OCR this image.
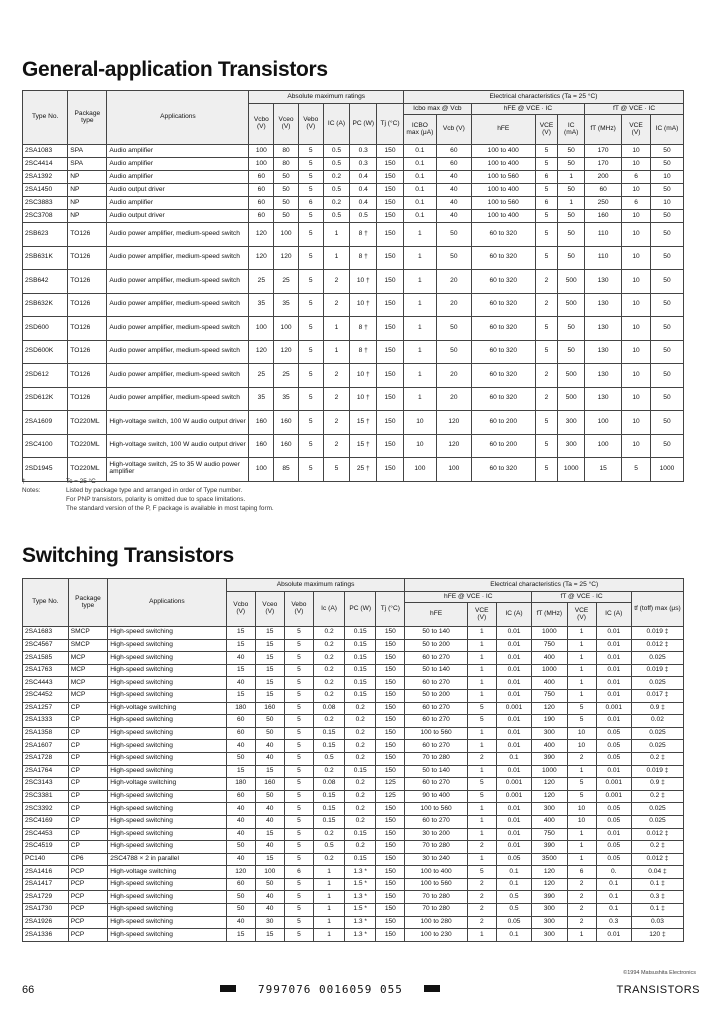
General-application Transistors
Type No.	Package type	Applications	Absolute maximum ratings						Electrical characteristics (Ta = 25 °C)							
			Vcbo (V)	Vceo (V)	Vebo (V)	IC (A)	PC (W)	Tj (°C)	Icbo max @ Vcb		hFE @ VCE · IC			fT @ VCE · IC		
									ICBO max (μA)	Vcb (V)	hFE	VCE (V)	IC (mA)	fT (MHz)	VCE (V)	IC (mA)
2SA1083	SPA	Audio amplifier	100	80	5	0.5	0.3	150	0.1	60	100 to 400	5	50	170	10	50
2SC4414	SPA	Audio amplifier	100	80	5	0.5	0.3	150	0.1	60	100 to 400	5	50	170	10	50
2SA1392	NP	Audio amplifier	60	50	5	0.2	0.4	150	0.1	40	100 to 560	6	1	200	6	10
2SA1450	NP	Audio output driver	60	50	5	0.5	0.4	150	0.1	40	100 to 400	5	50	60	10	50
2SC3883	NP	Audio amplifier	60	50	6	0.2	0.4	150	0.1	40	100 to 560	6	1	250	6	10
2SC3708	NP	Audio output driver	60	50	5	0.5	0.5	150	0.1	40	100 to 400	5	50	160	10	50
2SB623	TO126	Audio power amplifier, medium-speed switch	120	100	5	1	8 †	150	1	50	60 to 320	5	50	110	10	50
2SB631K	TO126	Audio power amplifier, medium-speed switch	120	120	5	1	8 †	150	1	50	60 to 320	5	50	110	10	50
2SB642	TO126	Audio power amplifier, medium-speed switch	25	25	5	2	10 †	150	1	20	60 to 320	2	500	130	10	50
2SB632K	TO126	Audio power amplifier, medium-speed switch	35	35	5	2	10 †	150	1	20	60 to 320	2	500	130	10	50
2SD600	TO126	Audio power amplifier, medium-speed switch	100	100	5	1	8 †	150	1	50	60 to 320	5	50	130	10	50
2SD600K	TO126	Audio power amplifier, medium-speed switch	120	120	5	1	8 †	150	1	50	60 to 320	5	50	130	10	50
2SD612	TO126	Audio power amplifier, medium-speed switch	25	25	5	2	10 †	150	1	20	60 to 320	2	500	130	10	50
2SD612K	TO126	Audio power amplifier, medium-speed switch	35	35	5	2	10 †	150	1	20	60 to 320	2	500	130	10	50
2SA1609	TO220ML	High-voltage switch, 100 W audio output driver	160	160	5	2	15 †	150	10	120	60 to 200	5	300	100	10	50
2SC4100	TO220ML	High-voltage switch, 100 W audio output driver	160	160	5	2	15 †	150	10	120	60 to 200	5	300	100	10	50
2SD1945	TO220ML	High-voltage switch, 25 to 35 W audio power amplifier	100	85	5	5	25 †	150	100	100	60 to 320	5	1000	15	5	1000
†	Tc = 25 °C
Notes:	Listed by package type and arranged in order of Type number.
For PNP transistors, polarity is omitted due to space limitations.
The standard version of the P, F package is available in most taping form.
Switching Transistors
Type No.	Package type	Applications	Absolute maximum ratings						Electrical characteristics (Ta = 25 °C)						
			Vcbo (V)	Vceo (V)	Vebo (V)	Ic (A)	PC (W)	Tj (°C)	hFE @ VCE · IC			fT @ VCE · IC			tf (toff) max (μs)
									hFE	VCE (V)	IC (A)	fT (MHz)	VCE (V)	IC (A)	
2SA1683	SMCP	High-speed switching	15	15	5	0.2	0.15	150	50 to 140	1	0.01	1000	1	0.01	0.019 ‡
2SC4567	SMCP	High-speed switching	15	15	5	0.2	0.15	150	50 to 200	1	0.01	750	1	0.01	0.012 ‡
2SA1585	MCP	High-speed switching	40	15	5	0.2	0.15	150	60 to 270	1	0.01	400	1	0.01	0.025
2SA1763	MCP	High-speed switching	15	15	5	0.2	0.15	150	50 to 140	1	0.01	1000	1	0.01	0.019 ‡
2SC4443	MCP	High-speed switching	40	15	5	0.2	0.15	150	60 to 270	1	0.01	400	1	0.01	0.025
2SC4452	MCP	High-speed switching	15	15	5	0.2	0.15	150	50 to 200	1	0.01	750	1	0.01	0.017 ‡
2SA1257	CP	High-voltage switching	180	160	5	0.08	0.2	150	60 to 270	5	0.001	120	5	0.001	0.9 ‡
2SA1333	CP	High-speed switching	60	50	5	0.2	0.2	150	60 to 270	5	0.01	190	5	0.01	0.02
2SA1358	CP	High-speed switching	60	50	5	0.15	0.2	150	100 to 560	1	0.01	300	10	0.05	0.025
2SA1607	CP	High-speed switching	40	40	5	0.15	0.2	150	60 to 270	1	0.01	400	10	0.05	0.025
2SA1728	CP	High-speed switching	50	40	5	0.5	0.2	150	70 to 280	2	0.1	390	2	0.05	0.2 ‡
2SA1764	CP	High-speed switching	15	15	5	0.2	0.15	150	50 to 140	1	0.01	1000	1	0.01	0.019 ‡
2SC3143	CP	High-voltage switching	180	160	5	0.08	0.2	125	60 to 270	5	0.001	120	5	0.001	0.9 ‡
2SC3381	CP	High-speed switching	60	50	5	0.15	0.2	125	90 to 400	5	0.001	120	5	0.001	0.2 ‡
2SC3392	CP	High-speed switching	40	40	5	0.15	0.2	150	100 to 560	1	0.01	300	10	0.05	0.025
2SC4169	CP	High-speed switching	40	40	5	0.15	0.2	150	60 to 270	1	0.01	400	10	0.05	0.025
2SC4453	CP	High-speed switching	40	15	5	0.2	0.15	150	30 to 200	1	0.01	750	1	0.01	0.012 ‡
2SC4519	CP	High-speed switching	50	40	5	0.5	0.2	150	70 to 280	2	0.01	390	1	0.05	0.2 ‡
PC140	CP6	2SC4788 × 2 in parallel	40	15	5	0.2	0.15	150	30 to 240	1	0.05	3500	1	0.05	0.012 ‡
2SA1416	PCP	High-voltage switching	120	100	6	1	1.3 *	150	100 to 400	5	0.1	120	6	0.	0.04 ‡
2SA1417	PCP	High-speed switching	60	50	5	1	1.5 *	150	100 to 560	2	0.1	120	2	0.1	0.1 ‡
2SA1729	PCP	High-speed switching	50	40	5	1	1.3 *	150	70 to 280	2	0.5	390	2	0.1	0.3 ‡
2SA1730	PCP	High-speed switching	50	40	5	1	1.5 *	150	70 to 280	2	0.5	300	2	0.1	0.1 ‡
2SA1926	PCP	High-speed switching	40	30	5	1	1.3 *	150	100 to 280	2	0.05	300	2	0.3	0.03
2SA1336	PCP	High-speed switching	15	15	5	1	1.3 *	150	100 to 230	1	0.1	300	1	0.01	120 ‡
©1994 Matsushita Electronics
66	7997076 0016059 055	TRANSISTORS
